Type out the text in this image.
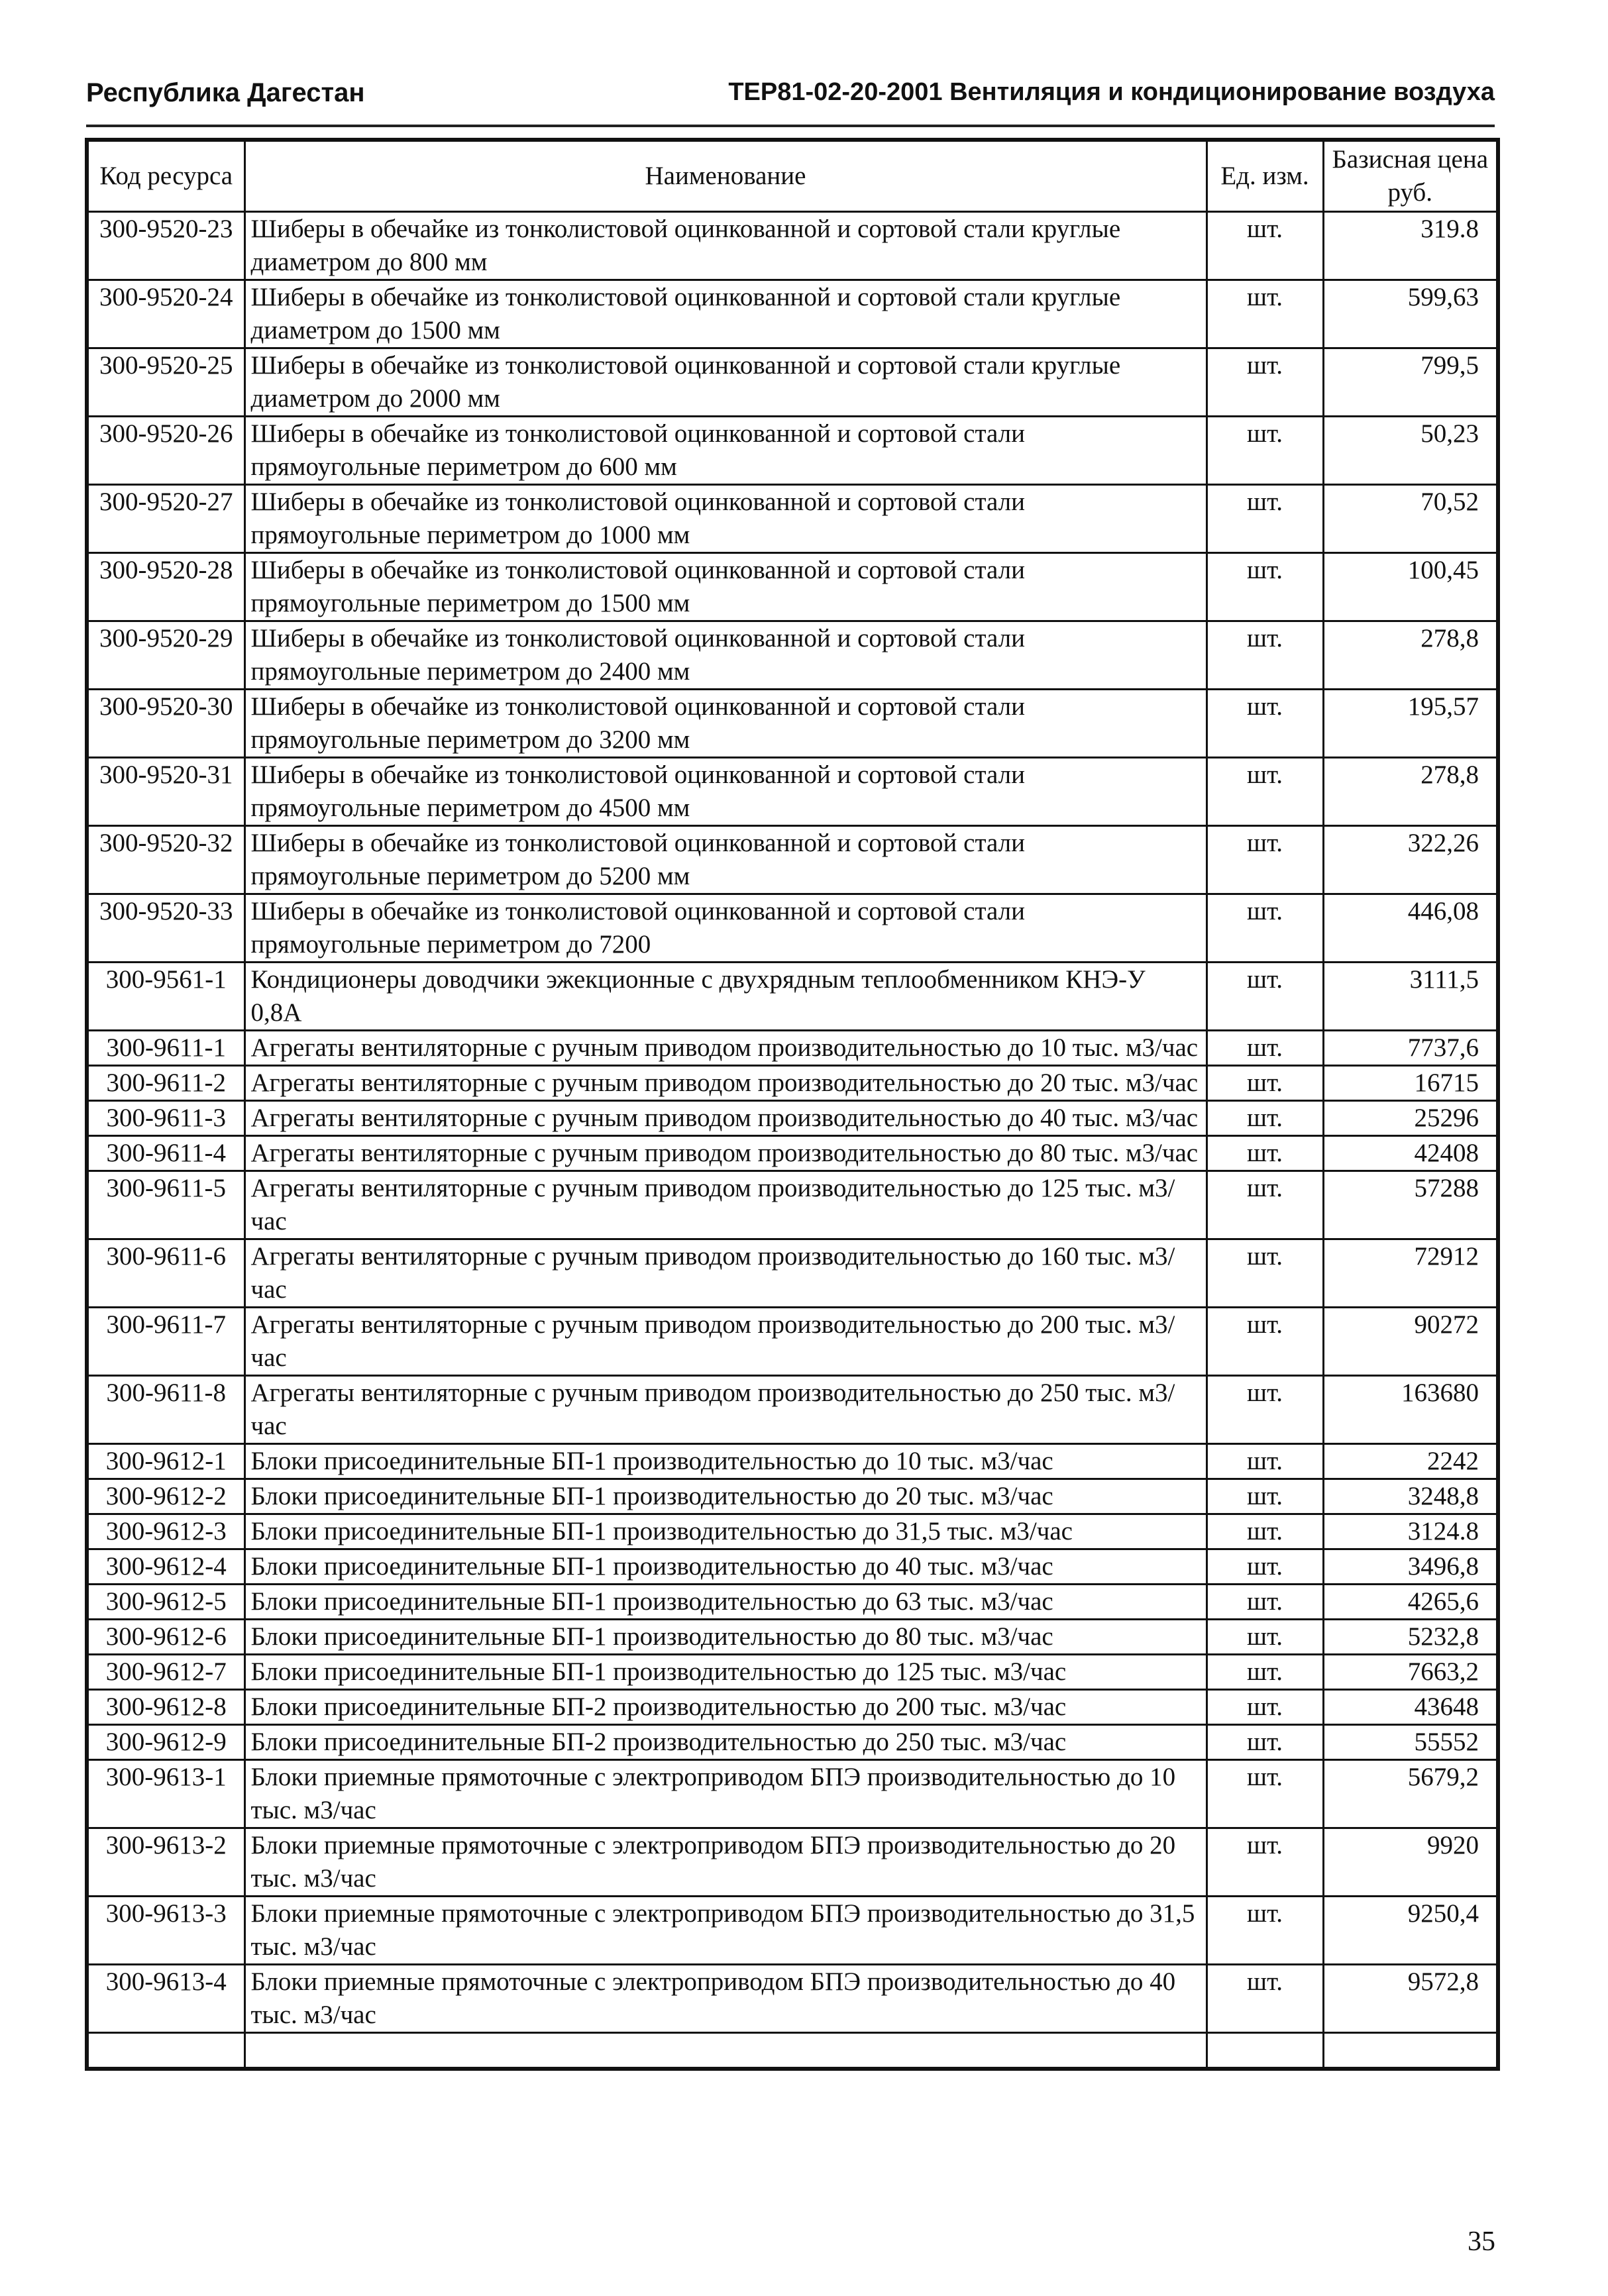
Республика Дагестан	ТЕР81-02-20-2001 Вентиляция и кондиционирование воздуха
Код ресурса	Наименование	Ед. изм.	Базисная цена руб.
300-9520-23	Шиберы в обечайке из тонколистовой оцинкованной и сортовой стали круглые диаметром до 800 мм	шт.	319.8
300-9520-24	Шиберы в обечайке из тонколистовой оцинкованной и сортовой стали круглые диаметром до 1500 мм	шт.	599,63
300-9520-25	Шиберы в обечайке из тонколистовой оцинкованной и сортовой стали круглые диаметром до 2000 мм	шт.	799,5
300-9520-26	Шиберы в обечайке из тонколистовой оцинкованной и сортовой стали прямоугольные периметром до 600 мм	шт.	50,23
300-9520-27	Шиберы в обечайке из тонколистовой оцинкованной и сортовой стали прямоугольные периметром до 1000 мм	шт.	70,52
300-9520-28	Шиберы в обечайке из тонколистовой оцинкованной и сортовой стали прямоугольные периметром до 1500 мм	шт.	100,45
300-9520-29	Шиберы в обечайке из тонколистовой оцинкованной и сортовой стали прямоугольные периметром до 2400 мм	шт.	278,8
300-9520-30	Шиберы в обечайке из тонколистовой оцинкованной и сортовой стали прямоугольные периметром до 3200 мм	шт.	195,57
300-9520-31	Шиберы в обечайке из тонколистовой оцинкованной и сортовой стали прямоугольные периметром до 4500 мм	шт.	278,8
300-9520-32	Шиберы в обечайке из тонколистовой оцинкованной и сортовой стали прямоугольные периметром до 5200 мм	шт.	322,26
300-9520-33	Шиберы в обечайке из тонколистовой оцинкованной и сортовой стали прямоугольные периметром до 7200	шт.	446,08
300-9561-1	Кондиционеры доводчики эжекционные с двухрядным теплообменником КНЭ-У 0,8А	шт.	3111,5
300-9611-1	Агрегаты вентиляторные с ручным приводом производительностью до 10 тыс. м3/час	шт.	7737,6
300-9611-2	Агрегаты вентиляторные с ручным приводом производительностью до 20 тыс. м3/час	шт.	16715
300-9611-3	Агрегаты вентиляторные с ручным приводом производительностью до 40 тыс. м3/час	шт.	25296
300-9611-4	Агрегаты вентиляторные с ручным приводом производительностью до 80 тыс. м3/час	шт.	42408
300-9611-5	Агрегаты вентиляторные с ручным приводом производительностью до 125 тыс. м3/час	шт.	57288
300-9611-6	Агрегаты вентиляторные с ручным приводом производительностью до 160 тыс. м3/час	шт.	72912
300-9611-7	Агрегаты вентиляторные с ручным приводом производительностью до 200 тыс. м3/час	шт.	90272
300-9611-8	Агрегаты вентиляторные с ручным приводом производительностью до 250 тыс. м3/час	шт.	163680
300-9612-1	Блоки присоединительные БП-1 производительностью до 10 тыс. м3/час	шт.	2242
300-9612-2	Блоки присоединительные БП-1 производительностью до 20 тыс. м3/час	шт.	3248,8
300-9612-3	Блоки присоединительные БП-1 производительностью до 31,5 тыс. м3/час	шт.	3124.8
300-9612-4	Блоки присоединительные БП-1 производительностью до 40 тыс. м3/час	шт.	3496,8
300-9612-5	Блоки присоединительные БП-1 производительностью до 63 тыс. м3/час	шт.	4265,6
300-9612-6	Блоки присоединительные БП-1 производительностью до 80 тыс. м3/час	шт.	5232,8
300-9612-7	Блоки присоединительные БП-1 производительностью до 125 тыс. м3/час	шт.	7663,2
300-9612-8	Блоки присоединительные БП-2 производительностью до 200 тыс. м3/час	шт.	43648
300-9612-9	Блоки присоединительные БП-2 производительностью до 250 тыс. м3/час	шт.	55552
300-9613-1	Блоки приемные прямоточные с электроприводом БПЭ производительностью до 10 тыс. м3/час	шт.	5679,2
300-9613-2	Блоки приемные прямоточные с электроприводом БПЭ производительностью до 20 тыс. м3/час	шт.	9920
300-9613-3	Блоки приемные прямоточные с электроприводом БПЭ производительностью до 31,5 тыс. м3/час	шт.	9250,4
300-9613-4	Блоки приемные прямоточные с электроприводом БПЭ производительностью до 40 тыс. м3/час	шт.	9572,8

35
